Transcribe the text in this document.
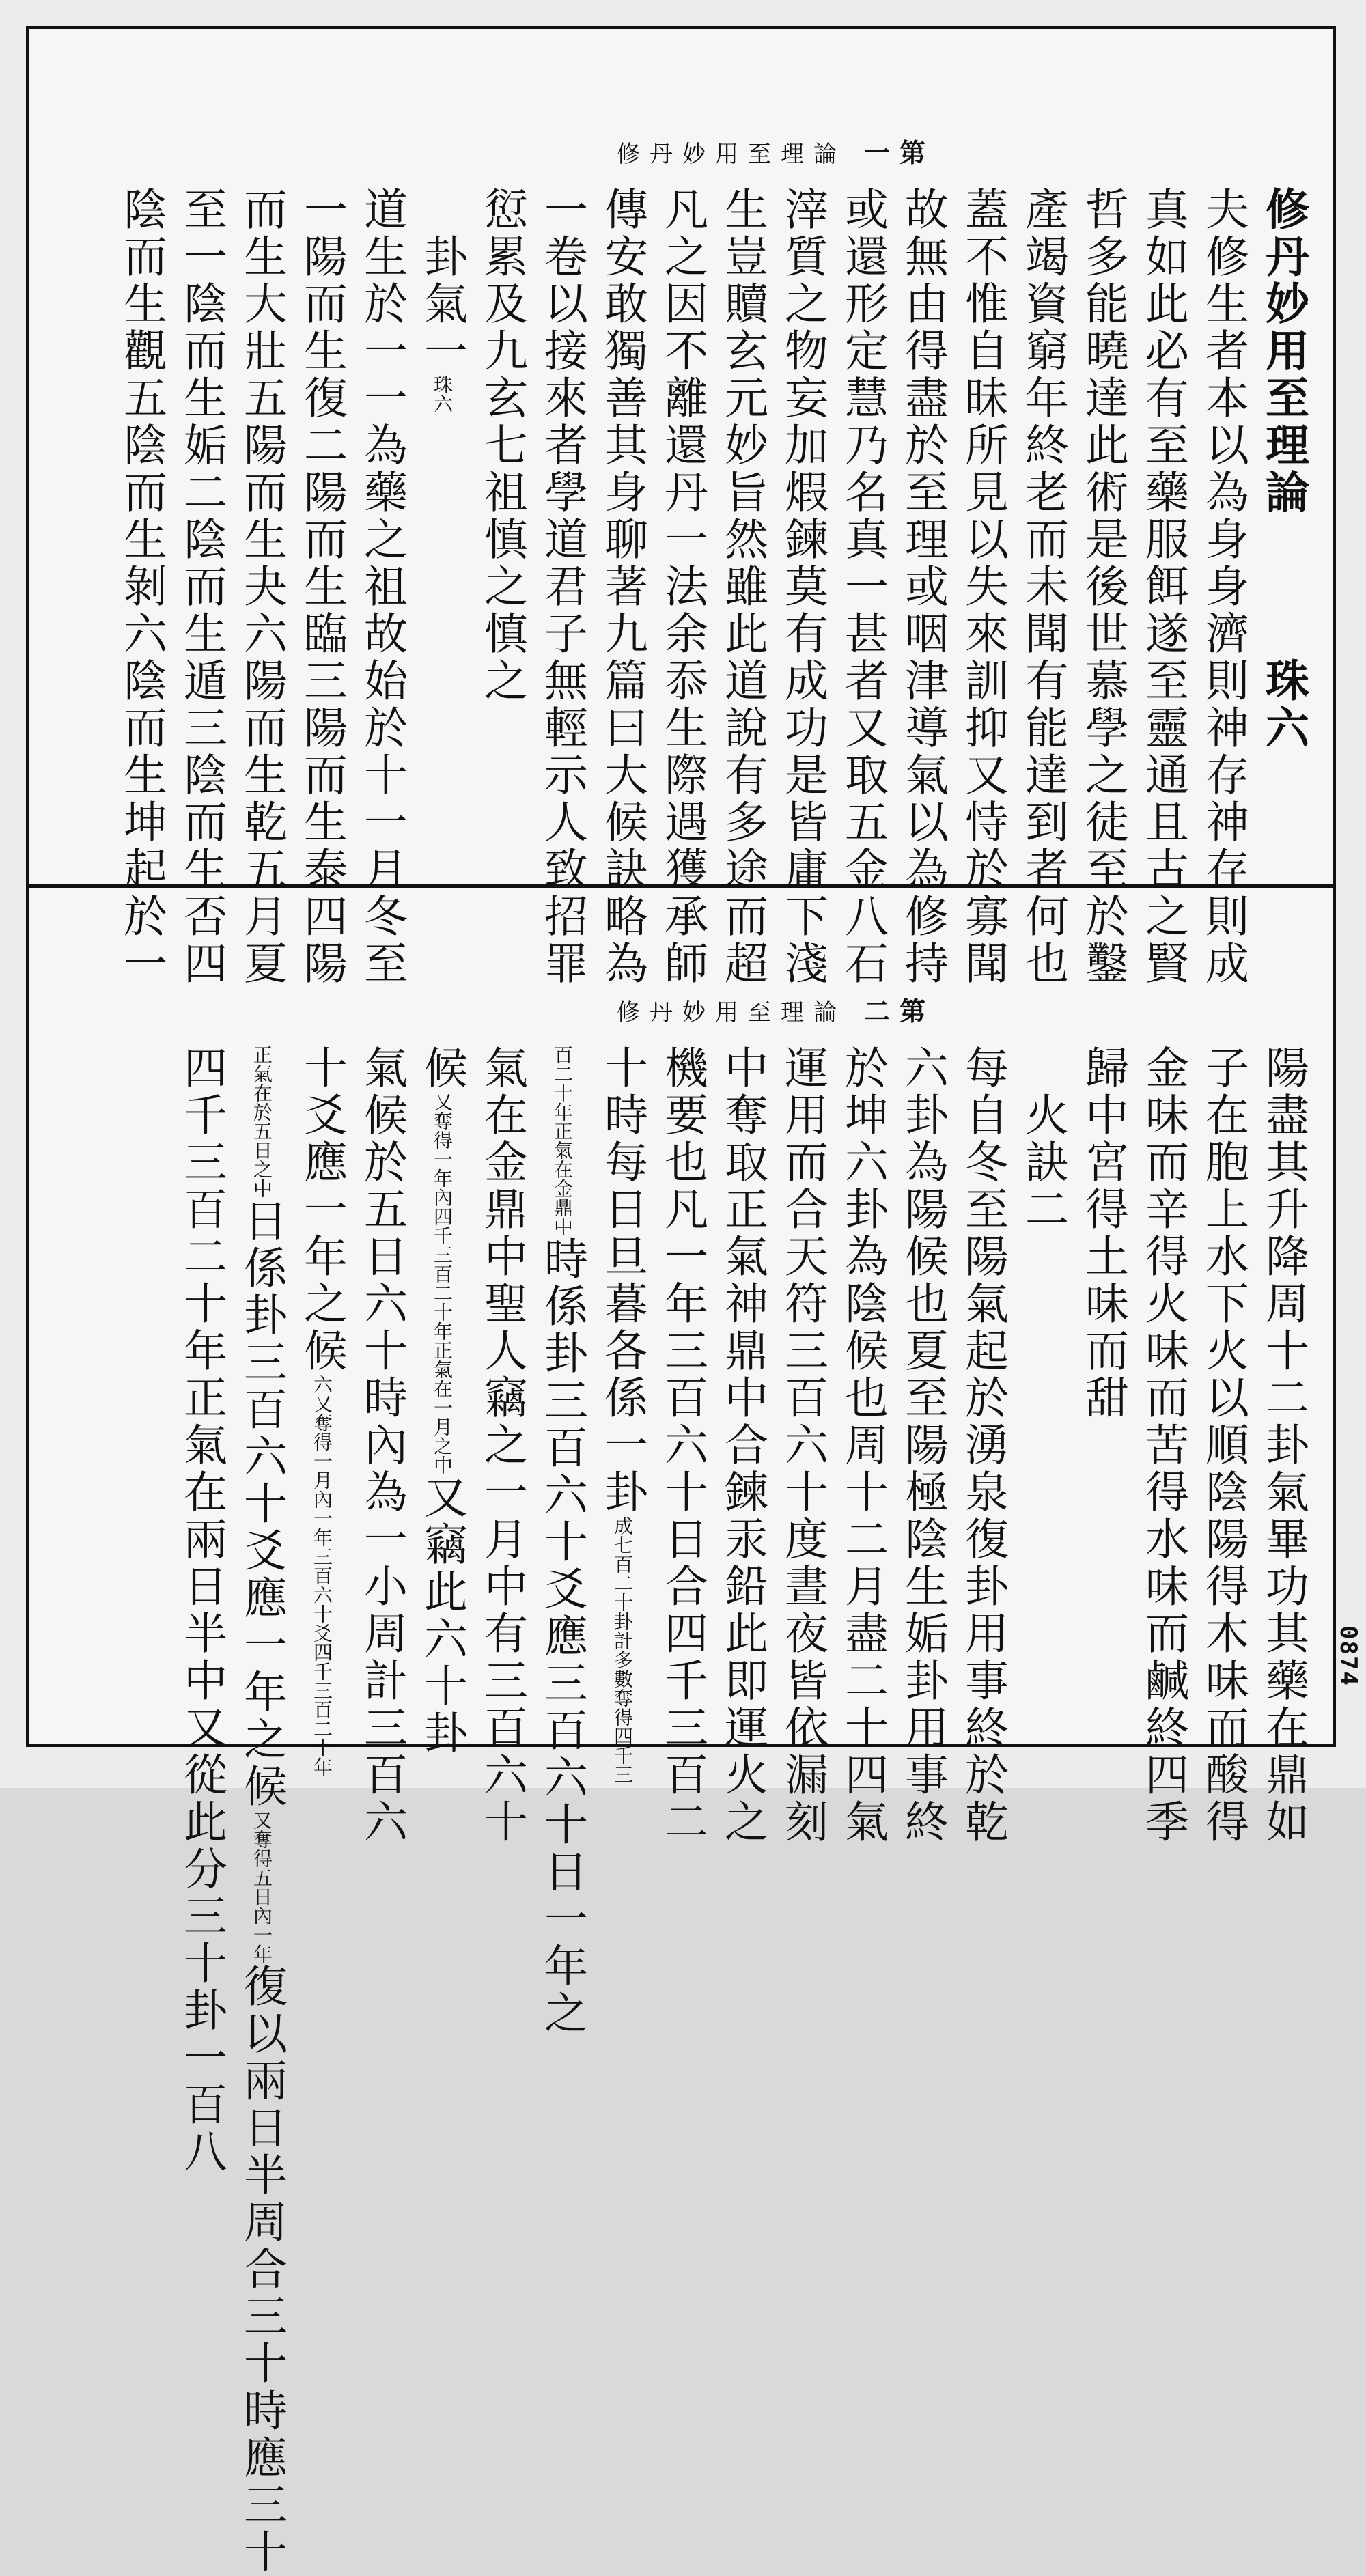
修丹妙用至理論 一第
修丹妙用至理論　　　珠六
夫修生者本以為身身濟則神存神存則成
真如此必有至藥服餌遂至靈通且古之賢
哲多能曉達此術是後世慕學之徒至於鑿
產竭資窮年終老而未聞有能達到者何也
蓋不惟自昧所見以失來訓抑又恃於寡聞
故無由得盡於至理或咽津導氣以為修持
或還形定慧乃名真一甚者又取五金八石
滓質之物妄加煆鍊莫有成功是皆庸下淺
生豈贖玄元妙旨然雖此道說有多途而超
凡之因不離還丹一法余忝生際遇獲承師
傳安敢獨善其身聊著九篇曰大候訣略為
一卷以接來者學道君子無輕示人致招罪
愆累及九玄七祖慎之慎之
　卦氣一珠六
道生於一一為藥之祖故始於十一月冬至
一陽而生復二陽而生臨三陽而生泰四陽
而生大壯五陽而生夬六陽而生乾五月夏
至一陰而生姤二陰而生遁三陰而生否四
陰而生觀五陰而生剝六陰而生坤起於一
修丹妙用至理論 二第
陽盡其升降周十二卦氣畢功其藥在鼎如
子在胞上水下火以順陰陽得木味而酸得
金味而辛得火味而苦得水味而鹹終四季
歸中宮得土味而甜
　火訣二
每自冬至陽氣起於湧泉復卦用事終於乾
六卦為陽候也夏至陽極陰生姤卦用事終
於坤六卦為陰候也周十二月盡二十四氣
運用而合天符三百六十度晝夜皆依漏刻
中奪取正氣神鼎中合鍊汞鉛此即運火之
機要也凡一年三百六十日合四千三百二
十時每日旦暮各係一卦成七百二十卦計多數奪得四千三
百二十年正氣在金鼎中時係卦三百六十爻應三百六十日一年之
氣在金鼎中聖人竊之一月中有三百六十
候又奪得一年內四千三百二十年正氣在一月之中又竊此六十卦
氣候於五日六十時內為一小周計三百六
十爻應一年之候六又奪得一月內一年三百六十爻四千三百二十年
正氣在於五日之中日係卦三百六十爻應一年之候又奪得五日內一年復以兩日半周合三十時應三十
四千三百二十年正氣在兩日半中又從此分三十卦一百八	0874
